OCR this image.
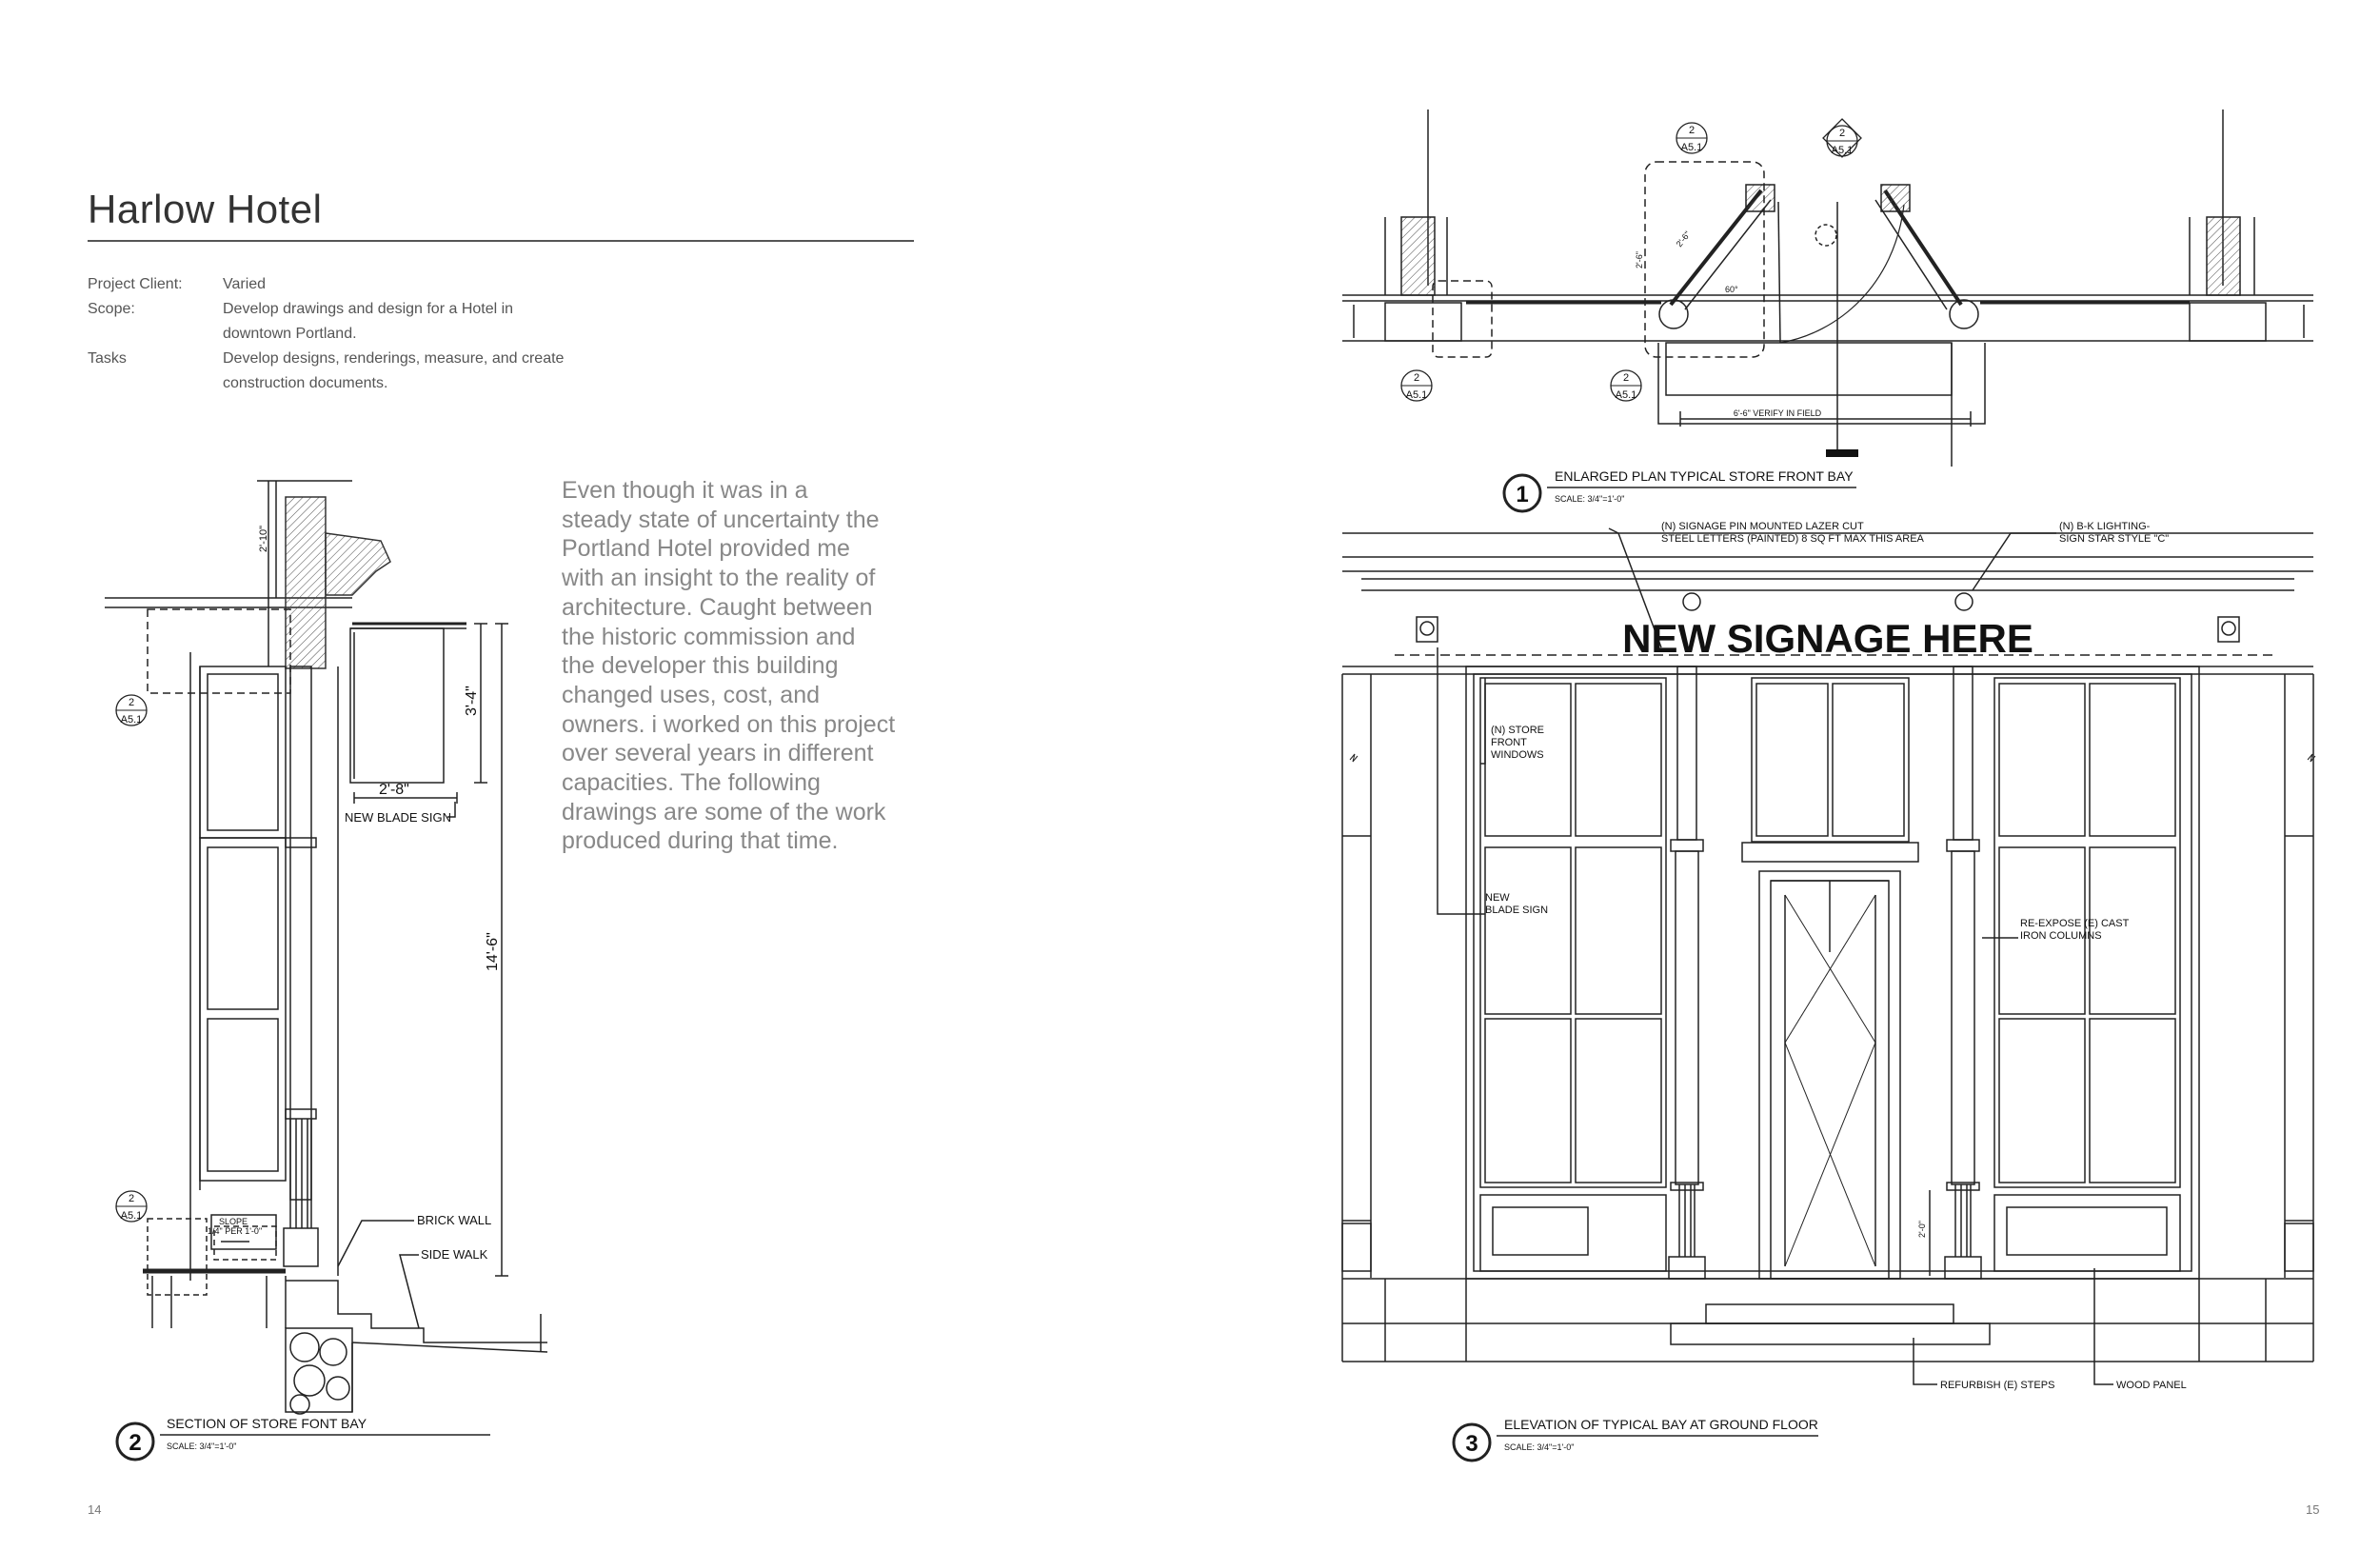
Harlow Hotel
Project Client:	Varied
Scope:	Develop drawings and design for a Hotel in
downtown Portland.
Tasks	Develop designs, renderings, measure, and create
construction documents.
Even though it was in a
steady state of uncertainty the
Portland Hotel provided me
with an insight to the reality of
architecture. Caught between
the historic commission and
the developer this building
changed uses, cost, and
owners. i worked on this project
over several years in different
capacities. The following
drawings are some of the work
produced during that time.
14	15
2'-10"
3'-4"
2'-8"
NEW BLADE SIGN
14'-6"
BRICK WALL
SIDE WALK
SLOPE
1/4" PER 1'-0"
2
A5.1
2
A5.1
2
SECTION OF STORE FONT BAY
SCALE: 3/4"=1'-0"
6'-6" VERIFY IN FIELD
2'-6"
2'-6"
60°
2
A5.1
2
A5.1
2
A5.1
2
A5.1
1
ENLARGED PLAN TYPICAL STORE FRONT BAY
SCALE: 3/4"=1'-0"
NEW SIGNAGE HERE
(N) SIGNAGE PIN MOUNTED LAZER CUT
STEEL LETTERS (PAINTED) 8 SQ FT MAX THIS AREA
(N) B-K LIGHTING-
SIGN STAR STYLE "C"
(N) STORE
FRONT
WINDOWS
NEW
BLADE SIGN
RE-EXPOSE (E) CAST
IRON COLUMNS
REFURBISH (E) STEPS	WOOD PANEL
2'-0"
3
ELEVATION OF TYPICAL BAY AT GROUND FLOOR
SCALE: 3/4"=1'-0"
